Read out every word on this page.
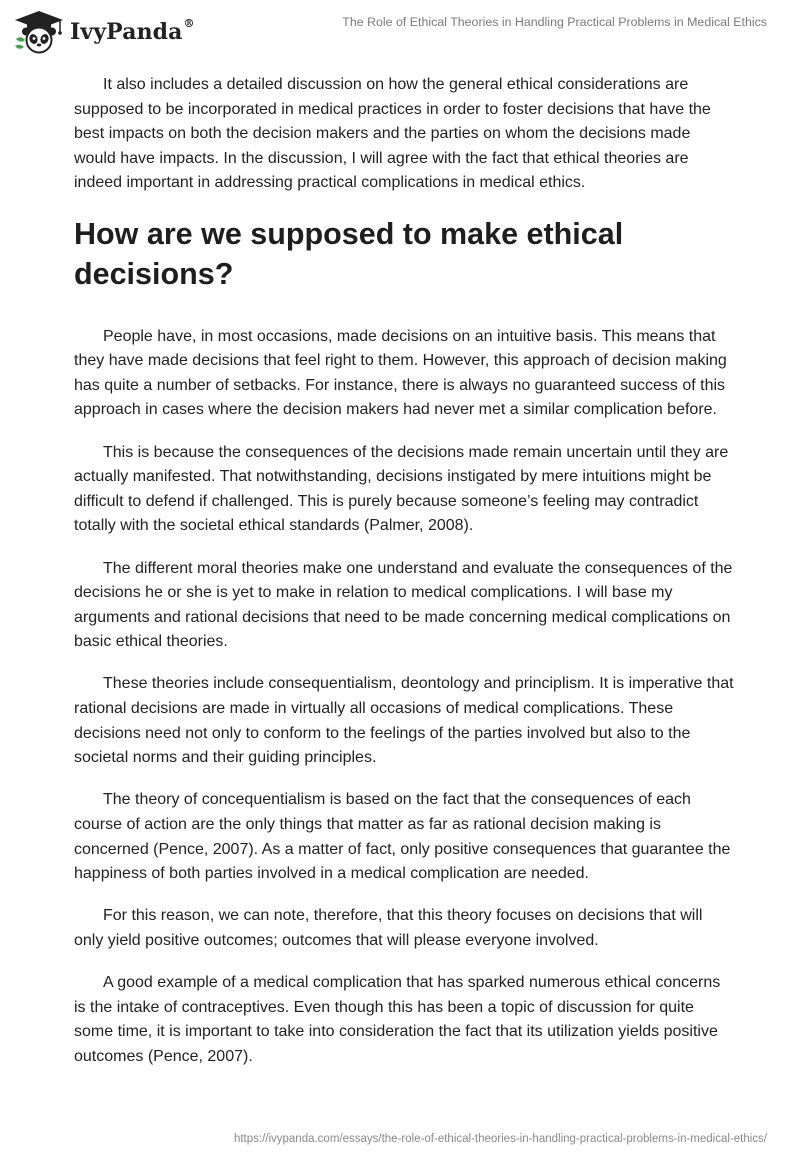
IvyPanda®	The Role of Ethical Theories in Handling Practical Problems in Medical Ethics

It also includes a detailed discussion on how the general ethical considerations are supposed to be incorporated in medical practices in order to foster decisions that have the best impacts on both the decision makers and the parties on whom the decisions made would have impacts. In the discussion, I will agree with the fact that ethical theories are indeed important in addressing practical complications in medical ethics.

How are we supposed to make ethical decisions?

People have, in most occasions, made decisions on an intuitive basis. This means that they have made decisions that feel right to them. However, this approach of decision making has quite a number of setbacks. For instance, there is always no guaranteed success of this approach in cases where the decision makers had never met a similar complication before.

This is because the consequences of the decisions made remain uncertain until they are actually manifested. That notwithstanding, decisions instigated by mere intuitions might be difficult to defend if challenged. This is purely because someone’s feeling may contradict totally with the societal ethical standards (Palmer, 2008).

The different moral theories make one understand and evaluate the consequences of the decisions he or she is yet to make in relation to medical complications. I will base my arguments and rational decisions that need to be made concerning medical complications on basic ethical theories.

These theories include consequentialism, deontology and principlism. It is imperative that rational decisions are made in virtually all occasions of medical complications. These decisions need not only to conform to the feelings of the parties involved but also to the societal norms and their guiding principles.

The theory of concequentialism is based on the fact that the consequences of each course of action are the only things that matter as far as rational decision making is concerned (Pence, 2007). As a matter of fact, only positive consequences that guarantee the happiness of both parties involved in a medical complication are needed.

For this reason, we can note, therefore, that this theory focuses on decisions that will only yield positive outcomes; outcomes that will please everyone involved.

A good example of a medical complication that has sparked numerous ethical concerns is the intake of contraceptives. Even though this has been a topic of discussion for quite some time, it is important to take into consideration the fact that its utilization yields positive outcomes (Pence, 2007).

https://ivypanda.com/essays/the-role-of-ethical-theories-in-handling-practical-problems-in-medical-ethics/
